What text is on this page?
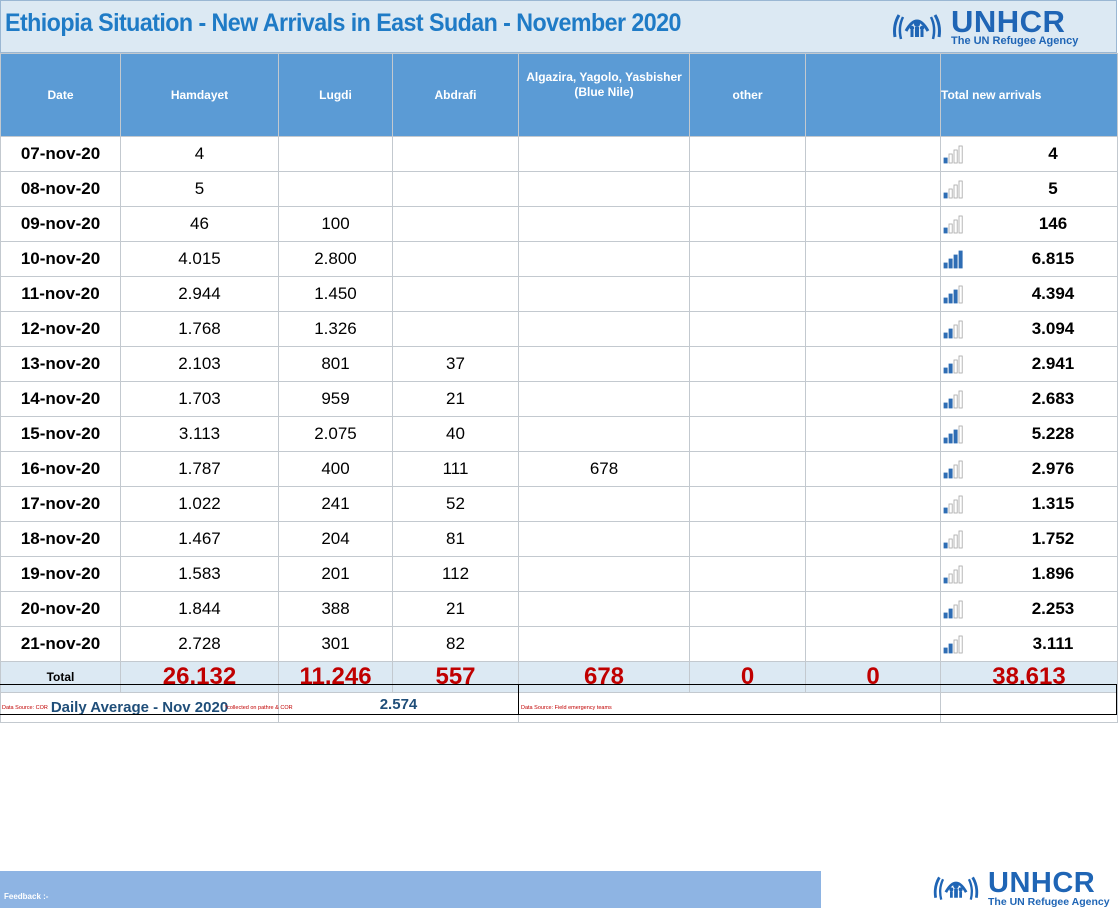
Ethiopia Situation - New Arrivals in East Sudan - November 2020	UNHCR
The UN Refugee Agency
Date	Hamdayet	Lugdi	Abdrafi	Algazira, Yagolo, Yasbisher (Blue Nile)	other		Total new arrivals
07-nov-20	4						4
08-nov-20	5						5
09-nov-20	46	100					146
10-nov-20	4.015	2.800					6.815
11-nov-20	2.944	1.450					4.394
12-nov-20	1.768	1.326					3.094
13-nov-20	2.103	801	37				2.941
14-nov-20	1.703	959	21				2.683
15-nov-20	3.113	2.075	40				5.228
16-nov-20	1.787	400	111	678			2.976
17-nov-20	1.022	241	52				1.315
18-nov-20	1.467	204	81				1.752
19-nov-20	1.583	201	112				1.896
20-nov-20	1.844	388	21				2.253
21-nov-20	2.728	301	82				3.111
Total	26.132	11.246	557	678	0	0	38.613
Daily Average - Nov 2020		2.574					
Data Source: COR	*collected on pathre & COR	Data Source: Field emergency teams
Feedback :-	UNHCR
The UN Refugee Agency
